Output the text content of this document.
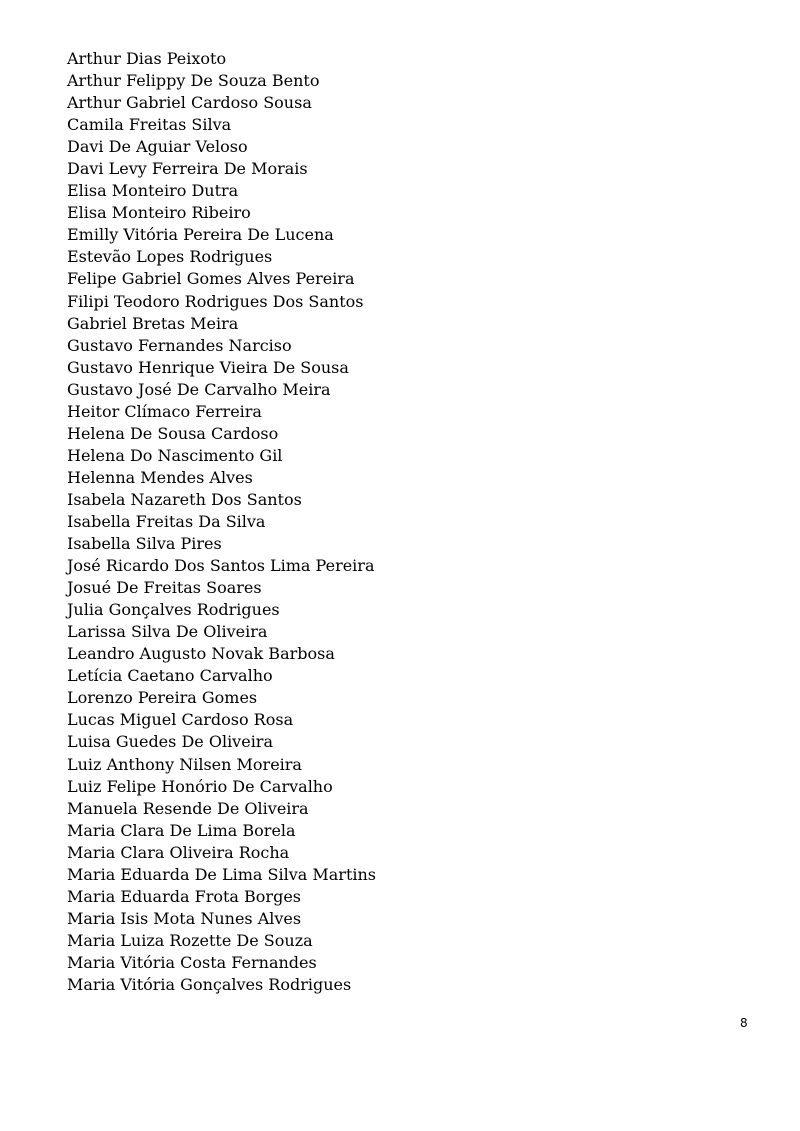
Arthur Dias Peixoto
Arthur Felippy De Souza Bento
Arthur Gabriel Cardoso Sousa
Camila Freitas Silva
Davi De Aguiar Veloso
Davi Levy Ferreira De Morais
Elisa Monteiro Dutra
Elisa Monteiro Ribeiro
Emilly Vitória Pereira De Lucena
Estevão Lopes Rodrigues
Felipe Gabriel Gomes Alves Pereira
Filipi Teodoro Rodrigues Dos Santos
Gabriel Bretas Meira
Gustavo Fernandes Narciso
Gustavo Henrique Vieira De Sousa
Gustavo José De Carvalho Meira
Heitor Clímaco Ferreira
Helena De Sousa Cardoso
Helena Do Nascimento Gil
Helenna Mendes Alves
Isabela Nazareth Dos Santos
Isabella Freitas Da Silva
Isabella Silva Pires
José Ricardo Dos Santos Lima Pereira
Josué De Freitas Soares
Julia Gonçalves Rodrigues
Larissa Silva De Oliveira
Leandro Augusto Novak Barbosa
Letícia Caetano Carvalho
Lorenzo Pereira Gomes
Lucas Miguel Cardoso Rosa
Luisa Guedes De Oliveira
Luiz Anthony Nilsen Moreira
Luiz Felipe Honório De Carvalho
Manuela Resende De Oliveira
Maria Clara De Lima Borela
Maria Clara Oliveira Rocha
Maria Eduarda De Lima Silva Martins
Maria Eduarda Frota Borges
Maria Isis Mota Nunes Alves
Maria Luiza Rozette De Souza
Maria Vitória Costa Fernandes
Maria Vitória Gonçalves Rodrigues
8
